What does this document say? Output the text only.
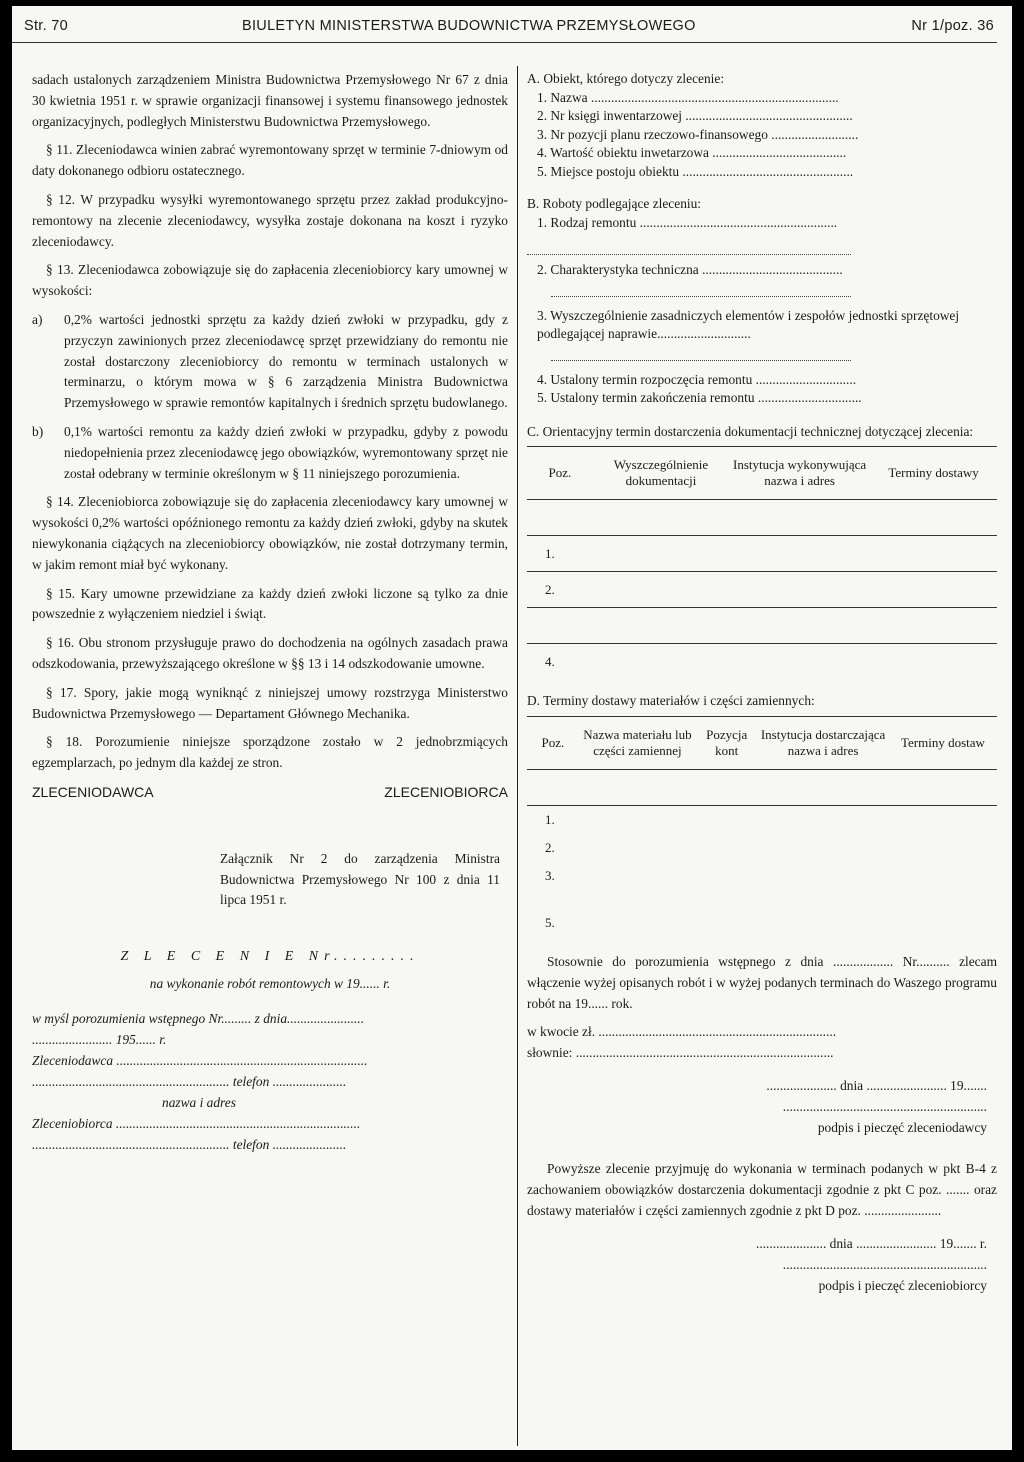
Str. 70	BIULETYN MINISTERSTWA BUDOWNICTWA PRZEMYSŁOWEGO	Nr 1/poz. 36

sadach ustalonych zarządzeniem Ministra Budownictwa Przemysłowego Nr 67 z dnia 30 kwietnia 1951 r. w sprawie organizacji finansowej i systemu finansowego jednostek organizacyjnych, podległych Ministerstwu Budownictwa Przemysłowego.

§ 11. Zleceniodawca winien zabrać wyremontowany sprzęt w terminie 7-dniowym od daty dokonanego odbioru ostatecznego.

§ 12. W przypadku wysyłki wyremontowanego sprzętu przez zakład produkcyjno-remontowy na zlecenie zleceniodawcy, wysyłka zostaje dokonana na koszt i ryzyko zleceniodawcy.

§ 13. Zleceniodawca zobowiązuje się do zapłacenia zleceniobiorcy kary umownej w wysokości:

a) 0,2% wartości jednostki sprzętu za każdy dzień zwłoki w przypadku, gdy z przyczyn zawinionych przez zleceniodawcę sprzęt przewidziany do remontu nie został dostarczony zleceniobiorcy do remontu w terminach ustalonych w terminarzu, o którym mowa w § 6 zarządzenia Ministra Budownictwa Przemysłowego w sprawie remontów kapitalnych i średnich sprzętu budowlanego.
b) 0,1% wartości remontu za każdy dzień zwłoki w przypadku, gdyby z powodu niedopełnienia przez zleceniodawcę jego obowiązków, wyremontowany sprzęt nie został odebrany w terminie określonym w § 11 niniejszego porozumienia.

§ 14. Zleceniobiorca zobowiązuje się do zapłacenia zleceniodawcy kary umownej w wysokości 0,2% wartości opóźnionego remontu za każdy dzień zwłoki, gdyby na skutek niewykonania ciążących na zleceniobiorcy obowiązków, nie został dotrzymany termin, w jakim remont miał być wykonany.

§ 15. Kary umowne przewidziane za każdy dzień zwłoki liczone są tylko za dnie powszednie z wyłączeniem niedziel i świąt.

§ 16. Obu stronom przysługuje prawo do dochodzenia na ogólnych zasadach prawa odszkodowania, przewyższającego określone w §§ 13 i 14 odszkodowanie umowne.

§ 17. Spory, jakie mogą wyniknąć z niniejszej umowy rozstrzyga Ministerstwo Budownictwa Przemysłowego — Departament Głównego Mechanika.

§ 18. Porozumienie niniejsze sporządzone zostało w 2 jednobrzmiących egzemplarzach, po jednym dla każdej ze stron.

ZLECENIODAWCA	ZLECENIOBIORCA
Załącznik Nr 2 do zarządzenia Ministra Budownictwa Przemysłowego Nr 100 z dnia 11 lipca 1951 r.
Z L E C E N I E Nr.........
na wykonanie robót remontowych w 19...... r.
w myśl porozumienia wstępnego Nr......... z dnia.......................
........................ 195...... r.
Zleceniodawca ...........................................................................
........................................................... telefon ......................
nazwa i adres
Zleceniobiorca .........................................................................
........................................................... telefon ......................
A. Obiekt, którego dotyczy zlecenie:
1. Nazwa ..........................................................................
2. Nr księgi inwentarzowej ..................................................
3. Nr pozycji planu rzeczowo-finansowego ..........................
4. Wartość obiektu inwetarzowa ........................................
5. Miejsce postoju obiektu ...................................................
B. Roboty podlegające zleceniu:
1. Rodzaj remontu ...........................................................
2. Charakterystyka techniczna ..........................................
3. Wyszczególnienie zasadniczych elementów i zespołów jednostki sprzętowej podlegającej naprawie............................
4. Ustalony termin rozpoczęcia remontu ..............................
5. Ustalony termin zakończenia remontu ...............................
C. Orientacyjny termin dostarczenia dokumentacji technicznej dotyczącej zlecenia:
Poz.	Wyszczególnienie dokumentacji	Instytucja wykonywująca nazwa i adres	Terminy dostawy

1.
2.

4.
D. Terminy dostawy materiałów i części zamiennych:
Poz.	Nazwa materiału lub części zamiennej	Pozycja kont	Instytucja dostarczająca nazwa i adres	Terminy dostaw

1.
2.
3.
5.

Stosownie do porozumienia wstępnego z dnia .................. Nr.......... zlecam włączenie wyżej opisanych robót i w wyżej podanych terminach do Waszego programu robót na 19...... rok.

w kwocie zł. .......................................................................
słownie: .............................................................................
..................... dnia ........................ 19.......
.............................................................
podpis i pieczęć zleceniodawcy

Powyższe zlecenie przyjmuję do wykonania w terminach podanych w pkt B-4 z zachowaniem obowiązków dostarczenia dokumentacji zgodnie z pkt C poz. ....... oraz dostawy materiałów i części zamiennych zgodnie z pkt D poz. .......................

..................... dnia ........................ 19....... r.
.............................................................
podpis i pieczęć zleceniobiorcy
